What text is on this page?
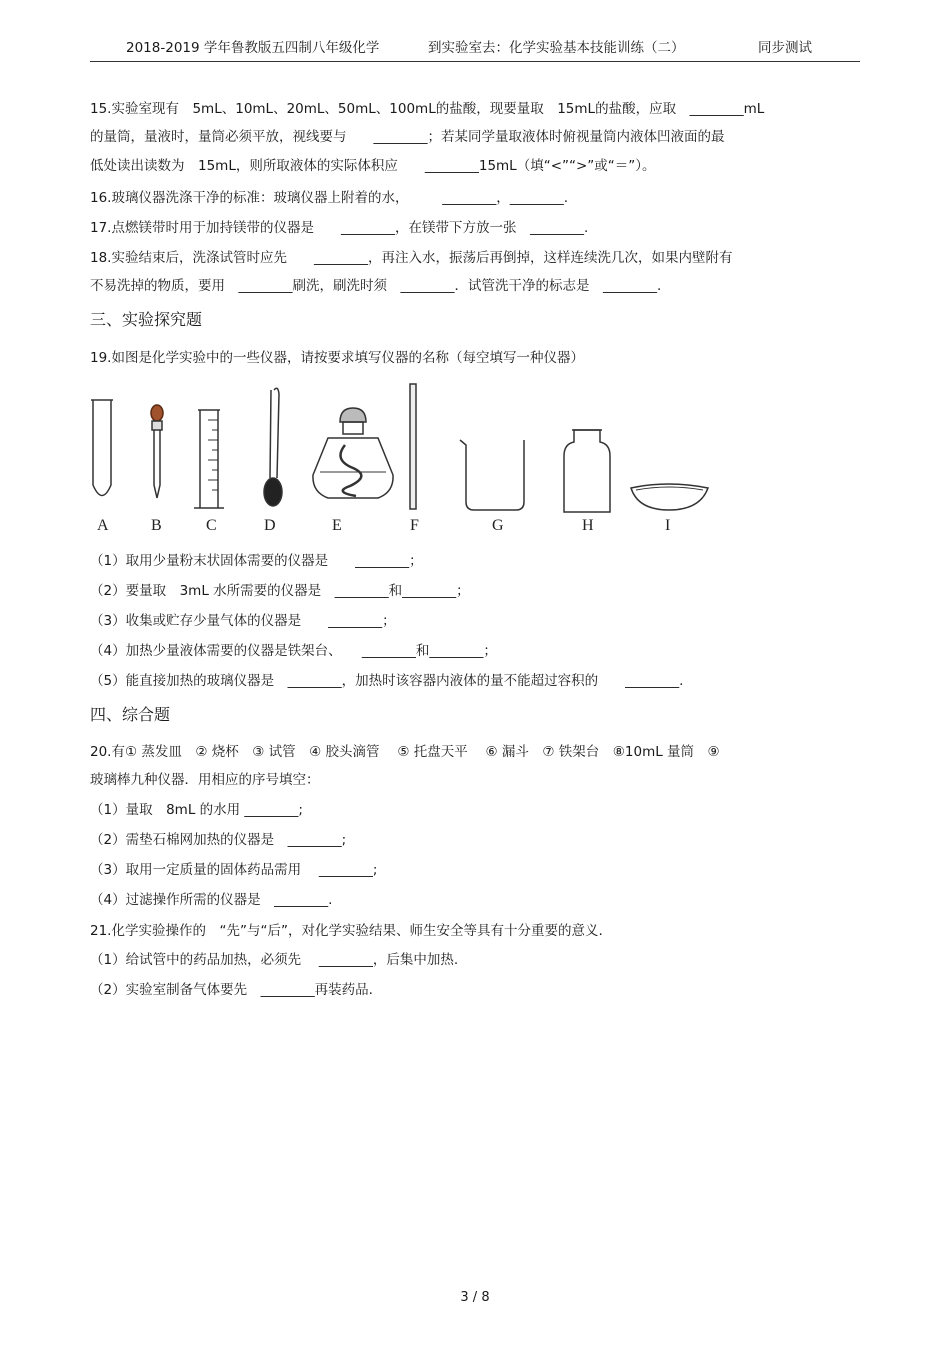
2018-2019 学年鲁教版五四制八年级化学	到实验室去：化学实验基本技能训练（二）	同步测试
15.实验室现有　5mL、10mL、20mL、50mL、100mL的盐酸，现要量取　15mL的盐酸，应取　________mL
的量筒，量液时，量筒必须平放，视线要与　　________；若某同学量取液体时俯视量筒内液体凹液面的最
低处读出读数为　15mL，则所取液体的实际体积应　　________15mL（填“<”“>”或“＝”）。
16.玻璃仪器洗涤干净的标准：玻璃仪器上附着的水，　　　________，________.
17.点燃镁带时用于加持镁带的仪器是　　________，在镁带下方放一张　________.
18.实验结束后，洗涤试管时应先　　________，再注入水，振荡后再倒掉，这样连续洗几次，如果内壁附有
不易洗掉的物质，要用　________刷洗，刷洗时须　________．试管洗干净的标志是　________.
三、实验探究题
19.如图是化学实验中的一些仪器，请按要求填写仪器的名称（每空填写一种仪器）
A	B	C	D	E	F	G	H	I
（1）取用少量粉末状固体需要的仪器是　　________；
（2）要量取　3mL 水所需要的仪器是　________和________；
（3）收集或贮存少量气体的仪器是　　________；
（4）加热少量液体需要的仪器是铁架台、　　________和________；
（5）能直接加热的玻璃仪器是　________，加热时该容器内液体的量不能超过容积的　　________.
四、综合题
20.有① 蒸发皿　② 烧杯　③ 试管　④ 胶头滴管　 ⑤ 托盘天平　 ⑥ 漏斗　⑦ 铁架台　⑧10mL 量筒　⑨
玻璃棒九种仪器．用相应的序号填空：
（1）量取　8mL 的水用 ________;
（2）需垫石棉网加热的仪器是　________;
（3）取用一定质量的固体药品需用　 ________;
（4）过滤操作所需的仪器是　________.
21.化学实验操作的　“先”与“后”，对化学实验结果、师生安全等具有十分重要的意义.
（1）给试管中的药品加热，必须先　 ________，后集中加热.
（2）实验室制备气体要先　________再装药品.
3 / 8
